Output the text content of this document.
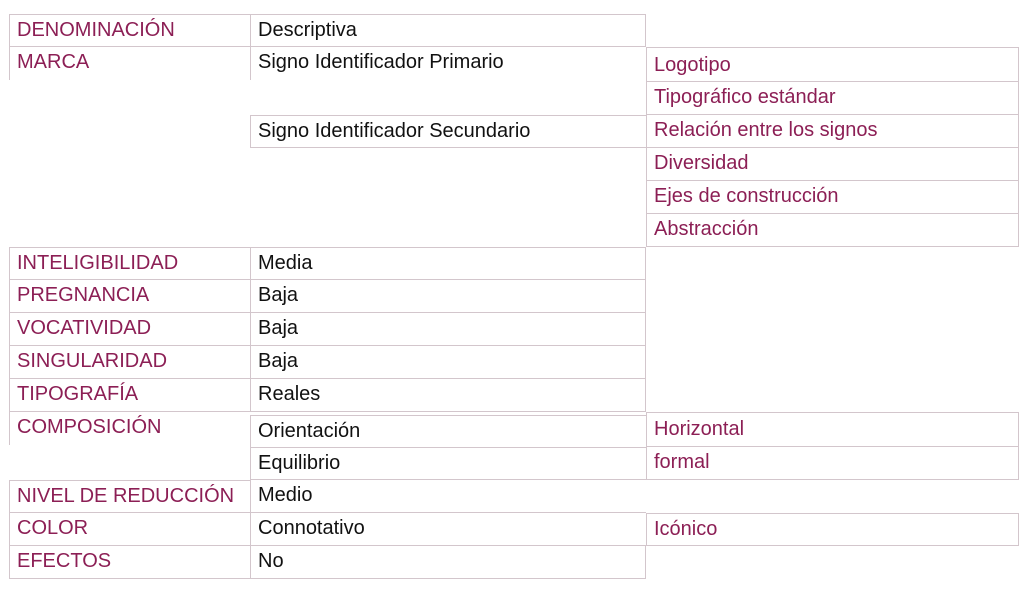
DENOMINACIÓN
MARCA
INTELIGIBILIDAD
PREGNANCIA
VOCATIVIDAD
SINGULARIDAD
TIPOGRAFÍA
COMPOSICIÓN
NIVEL DE REDUCCIÓN
COLOR
EFECTOS
Descriptiva
Signo Identificador Primario
Signo Identificador Secundario
Media
Baja
Baja
Baja
Reales
Orientación
Equilibrio
Medio
Connotativo
No
Logotipo
Tipográfico estándar
Relación entre los signos
Diversidad
Ejes de construcción
Abstracción
Horizontal
formal
Icónico
